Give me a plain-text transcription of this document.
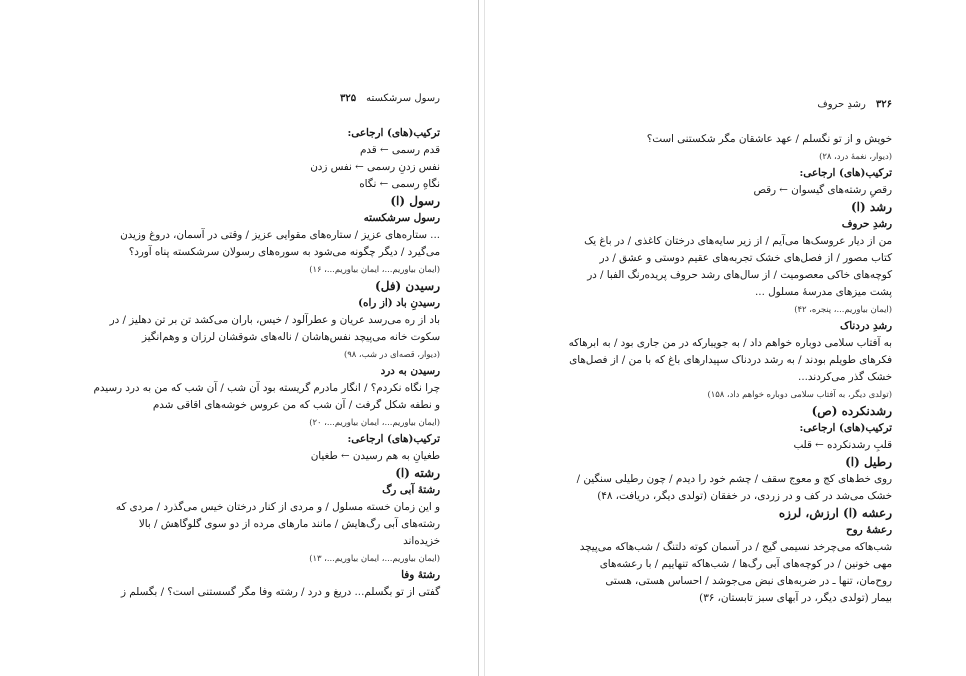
رسول سرشکسته
۳۲۵
ترکیب(های) ارجاعی:
قدم رسمی ← قدم
نفس زدنِ رسمی ← نفس زدن
نگاهِ رسمی ← نگاه
رسول (ا)
رسول سرشکسته
... ستاره‌های عزیز / ستاره‌های مقوایی عزیز / وقتی در آسمان، دروغ وزیدن
می‌گیرد / دیگر چگونه می‌شود به سوره‌های رسولان سرشکسته پناه آورد؟
(ایمان بیاوریم...، ایمان بیاوریم...، ۱۶)
رسیدن (فل)
رسیدنِ باد (از راه)
باد از ره می‌رسد عریان و عطرآلود / خیس، باران می‌کشد تن بر تن دهلیز / در
سکوت خانه می‌پیچد نفس‌هاشان / ناله‌های شوقشان لرزان و وهم‌انگیز
(دیوار، قصه‌ای در شب، ۹۸)
رسیدن به درد
چرا نگاه نکردم؟ / انگار مادرم گریسته بود آن شب / آن شب که من به درد رسیدم
و نطفه شکل گرفت / آن شب که من عروس خوشه‌های اقاقی شدم
(ایمان بیاوریم...، ایمان بیاوریم...، ۲۰)
ترکیب(های) ارجاعی:
طغیانِ به هم رسیدن ← طغیان
رشته (ا)
رشتهٔ آبی رگ
و این زمان خسته مسلول / و مردی از کنار درختان خیس می‌گذرد / مردی که
رشته‌های آبی رگ‌هایش / مانند مارهای مرده از دو سوی گلوگاهش / بالا
خزیده‌اند
(ایمان بیاوریم...، ایمان بیاوریم...، ۱۳)
رشتهٔ وفا
گفتی از تو بگسلم... دریغ و درد / رشته وفا مگر گسستنی است؟ / بگسلم ز
۳۲۶
رشدِ حروف
خویش و از تو نگسلم / عهد عاشقان مگر شکستنی است؟
(دیوار، نغمهٔ درد، ۲۸)
ترکیب(های) ارجاعی:
رقصِ رشته‌های گیسوان ← رقص
رشد (ا)
رشدِ حروف
من از دیار عروسک‌ها می‌آیم / از زیر سایه‌های درختان کاغذی / در باغ یک
کتاب مصور / از فصل‌های خشک تجربه‌های عقیم دوستی و عشق / در
کوچه‌های خاکی معصومیت / از سال‌های رشد حروف پریده‌رنگ الفبا / در
پشت میزهای مدرسهٔ مسلول ...
(ایمان بیاوریم...، پنجره، ۴۲)
رشدِ دردناک
به آفتاب سلامی دوباره خواهم داد / به جویبارکه در من جاری بود / به ابرهاکه
فکرهای طویلم بودند / به رشد دردناک سپیدارهای باغ که با من / از فصل‌های
خشک گذر می‌کردند...
(تولدی دیگر، به آفتاب سلامی دوباره خواهم داد، ۱۵۸)
رشدنکرده (ص)
ترکیب(های) ارجاعی:
قلبِ رشدنکرده ← قلب
رطیل (ا)
روی خط‌های کج و معوج سقف / چشم خود را دیدم / چون رطیلی سنگین /
خشک می‌شد در کف و در زردی، در خفقان (تولدی دیگر، دریافت، ۴۸)
رعشه (ا) ارزش، لرزه
رعشهٔ روح
شب‌هاکه می‌چرخد نسیمی گیج / در آسمان کوته دلتنگ / شب‌هاکه می‌پیچد
مهی خونین / در کوچه‌های آبی رگ‌ها / شب‌هاکه تنهاییم / با رعشه‌های
روح‌مان، تنها ـ در ضربه‌های نبض می‌جوشد / احساس هستی، هستی
بیمار (تولدی دیگر، در آبهای سبز تابستان، ۳۶)
